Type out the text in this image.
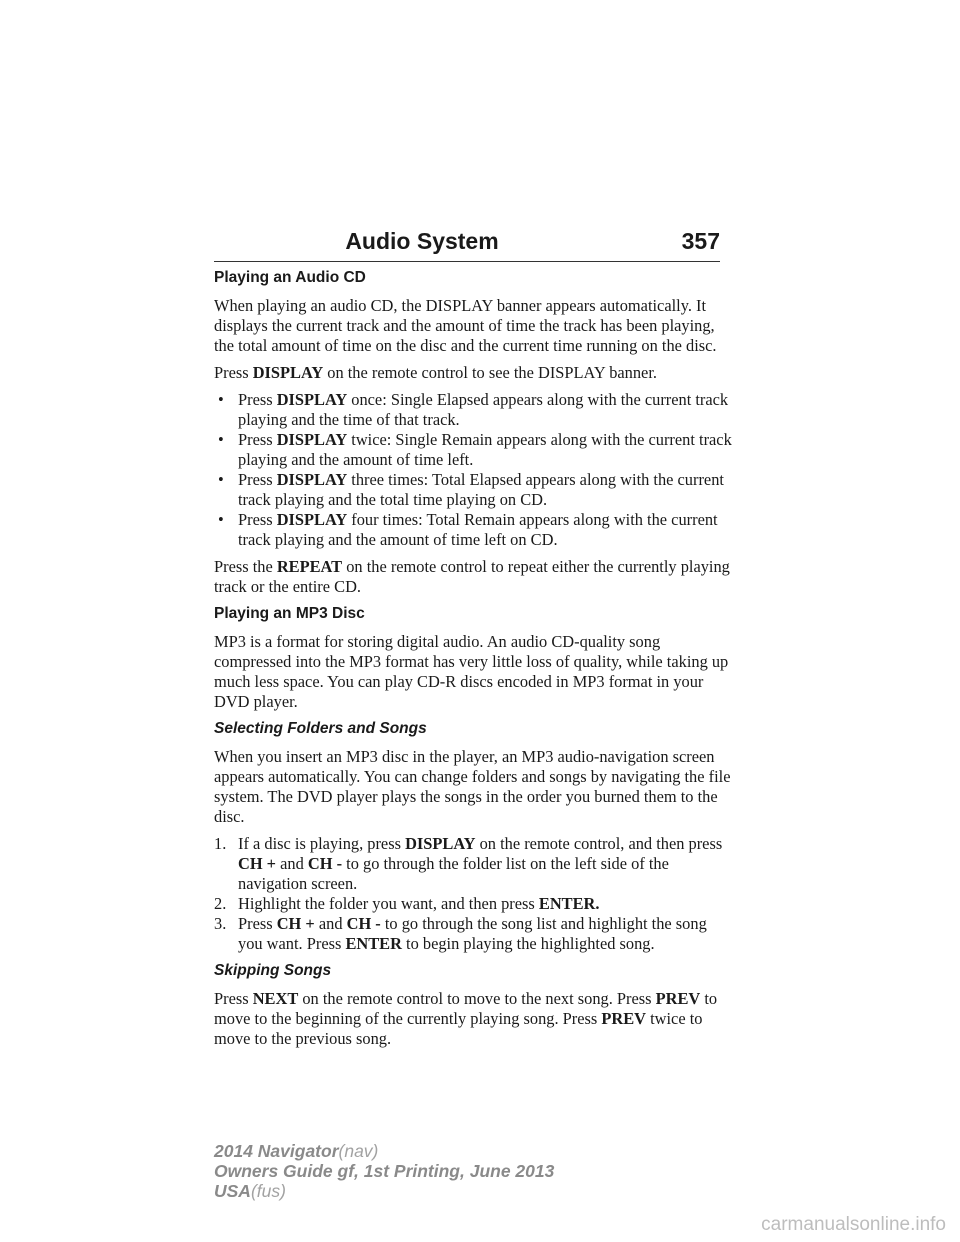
Audio System	357
Playing an Audio CD

When playing an audio CD, the DISPLAY banner appears automatically. It displays the current track and the amount of time the track has been playing, the total amount of time on the disc and the current time running on the disc.

Press DISPLAY on the remote control to see the DISPLAY banner.

• Press DISPLAY once: Single Elapsed appears along with the current track playing and the time of that track.
• Press DISPLAY twice: Single Remain appears along with the current track playing and the amount of time left.
• Press DISPLAY three times: Total Elapsed appears along with the current track playing and the total time playing on CD.
• Press DISPLAY four times: Total Remain appears along with the current track playing and the amount of time left on CD.

Press the REPEAT on the remote control to repeat either the currently playing track or the entire CD.

Playing an MP3 Disc

MP3 is a format for storing digital audio. An audio CD-quality song compressed into the MP3 format has very little loss of quality, while taking up much less space. You can play CD-R discs encoded in MP3 format in your DVD player.

Selecting Folders and Songs

When you insert an MP3 disc in the player, an MP3 audio-navigation screen appears automatically. You can change folders and songs by navigating the file system. The DVD player plays the songs in the order you burned them to the disc.

1. If a disc is playing, press DISPLAY on the remote control, and then press CH + and CH - to go through the folder list on the left side of the navigation screen.
2. Highlight the folder you want, and then press ENTER.
3. Press CH + and CH - to go through the song list and highlight the song you want. Press ENTER to begin playing the highlighted song.
Skipping Songs

Press NEXT on the remote control to move to the next song. Press PREV to move to the beginning of the currently playing song. Press PREV twice to move to the previous song.

2014 Navigator(nav)
Owners Guide gf, 1st Printing, June 2013
USA(fus)
carmanualsonline.info
